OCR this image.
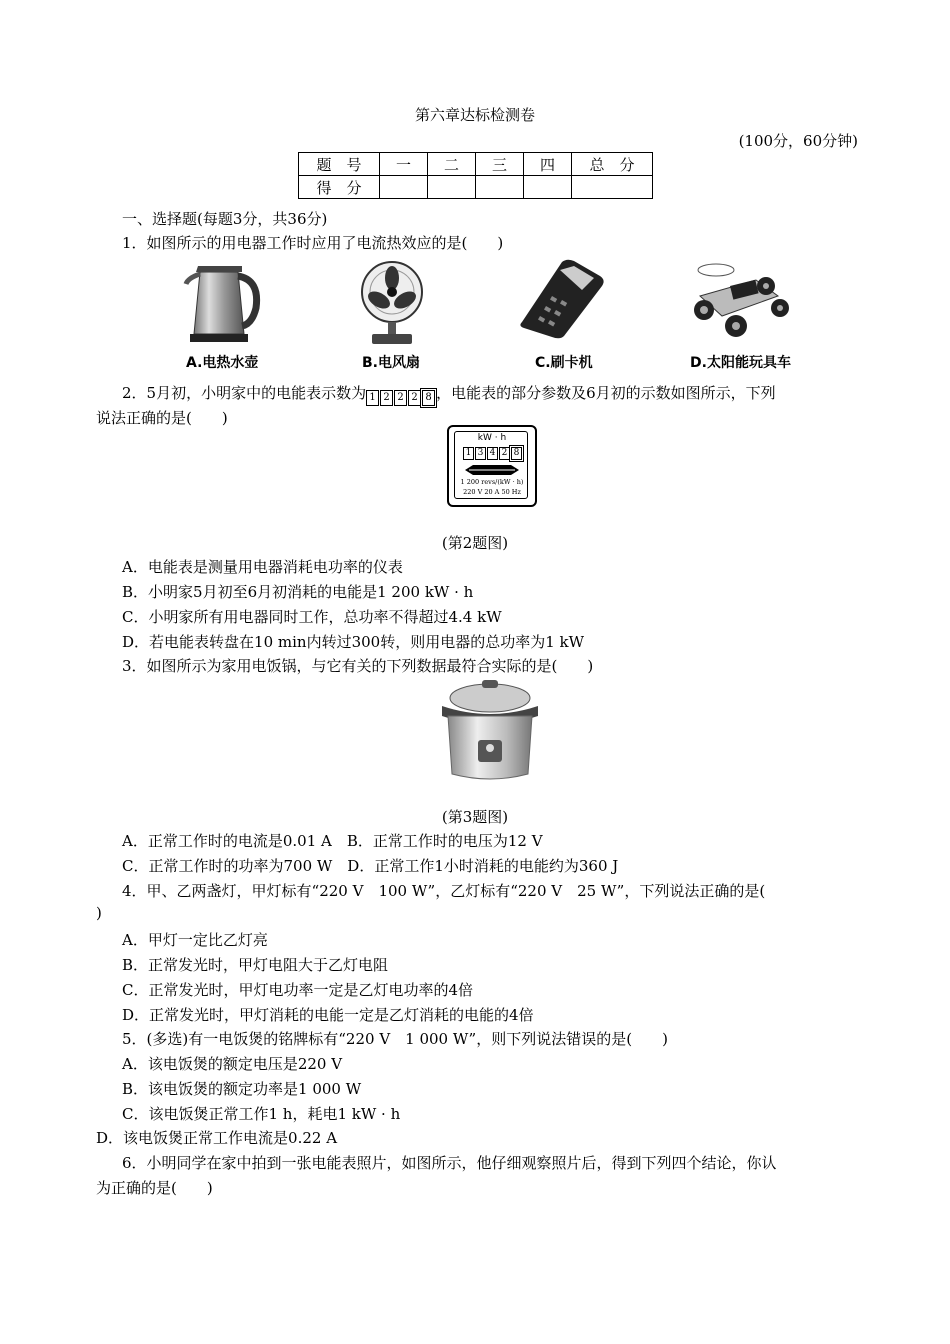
第六章达标检测卷
(100分，60分钟)
题　号	一	二	三	四	总　分
得　分					
一、选择题(每题3分，共36分)
1．如图所示的用电器工作时应用了电流热效应的是(　　)
A.电热水壶	B.电风扇	C.刷卡机	D.太阳能玩具车
2．5月初，小明家中的电能表示数为 1 2 2 2 8 ，电能表的部分参数及6月初的示数如图所示，下列
说法正确的是(　　)
kW · h
1 3 4 2 8
1 200 revs/(kW · h)
220 V 20 A 50 Hz
(第2题图)
A．电能表是测量用电器消耗电功率的仪表
B．小明家5月初至6月初消耗的电能是1 200 kW · h
C．小明家所有用电器同时工作，总功率不得超过4.4 kW
D．若电能表转盘在10 min内转过300转，则用电器的总功率为1 kW
3．如图所示为家用电饭锅，与它有关的下列数据最符合实际的是(　　)
(第3题图)
A．正常工作时的电流是0.01 A　B．正常工作时的电压为12 V
C．正常工作时的功率为700 W　D．正常工作1小时消耗的电能约为360 J
4．甲、乙两盏灯，甲灯标有“220 V　100 W”，乙灯标有“220 V　25 W”，下列说法正确的是(
)
A．甲灯一定比乙灯亮
B．正常发光时，甲灯电阻大于乙灯电阻
C．正常发光时，甲灯电功率一定是乙灯电功率的4倍
D．正常发光时，甲灯消耗的电能一定是乙灯消耗的电能的4倍
5．(多选)有一电饭煲的铭牌标有“220 V　1 000 W”，则下列说法错误的是(　　)
A．该电饭煲的额定电压是220 V
B．该电饭煲的额定功率是1 000 W
C．该电饭煲正常工作1 h，耗电1 kW · h
D．该电饭煲正常工作电流是0.22 A
6．小明同学在家中拍到一张电能表照片，如图所示，他仔细观察照片后，得到下列四个结论，你认
为正确的是(　　)
